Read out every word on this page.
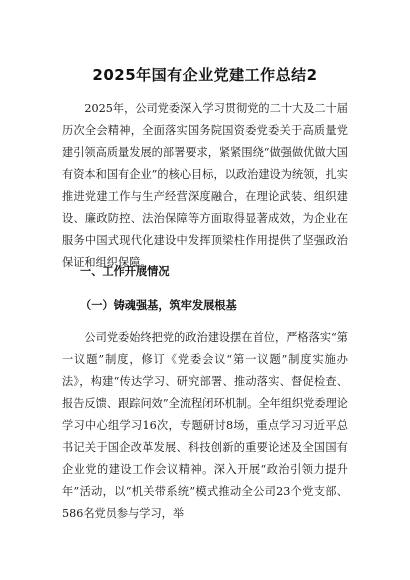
2025年国有企业党建工作总结2

2025年，公司党委深入学习贯彻党的二十大及二十届历次全会精神，全面落实国务院国资委党委关于高质量党建引领高质量发展的部署要求，紧紧围绕“做强做优做大国有资本和国有企业”的核心目标，以政治建设为统领，扎实推进党建工作与生产经营深度融合，在理论武装、组织建设、廉政防控、法治保障等方面取得显著成效，为企业在服务中国式现代化建设中发挥顶梁柱作用提供了坚强政治保证和组织保障。

一、工作开展情况
（一）铸魂强基，筑牢发展根基

公司党委始终把党的政治建设摆在首位，严格落实“第一议题”制度，修订《党委会议“第一议题”制度实施办法》，构建“传达学习、研究部署、推动落实、督促检查、报告反馈、跟踪问效”全流程闭环机制。全年组织党委理论学习中心组学习16次，专题研讨8场，重点学习习近平总书记关于国企改革发展、科技创新的重要论述及全国国有企业党的建设工作会议精神。深入开展“政治引领力提升年”活动，以“机关带系统”模式推动全公司23个党支部、586名党员参与学习，举
